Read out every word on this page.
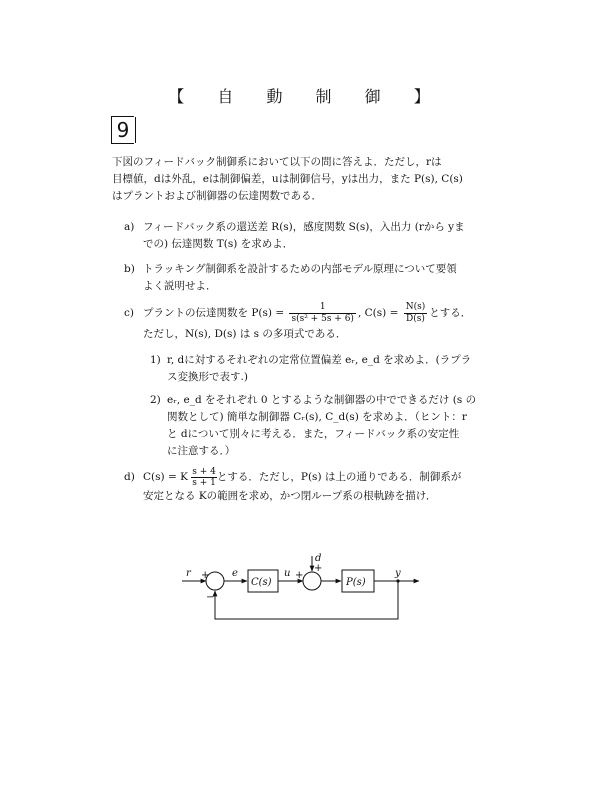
【 自 動 制 御 】
9
下図のフィードバック制御系において以下の問に答えよ．ただし，rは
目標値，dは外乱，eは制御偏差，uは制御信号，yは出力，また P(s), C(s)
はプラントおよび制御器の伝達関数である．
a) フィードバック系の還送差 R(s)，感度関数 S(s)，入出力 (rから yま
での) 伝達関数 T(s) を求めよ．
b) トラッキング制御系を設計するための内部モデル原理について要領
よく説明せよ．
c) プラントの伝達関数を $P(s) = \frac{1}{\text{s(s² + 5s + 6)}}$ , $C(s) = \frac{N(s)}{D(s)}$ とする．
ただし，N(s), D(s) は s の多項式である．
1) r, dに対するそれぞれの定常位置偏差 eᵣ, e_d を求めよ．(ラプラ
ス変換形で表す.)
2) eᵣ, e_d をそれぞれ 0 とするような制御器の中でできるだけ (s の
関数として) 簡単な制御器 Cᵣ(s), C_d(s) を求めよ．（ヒント：r
と dについて別々に考える．また，フィードバック系の安定性
に注意する．）
d) C(s) = K $\frac{s + 4}{s + 1}$ とする．ただし，P(s) は上の通りである．制御系が
安定となる Kの範囲を求め，かつ閉ループ系の根軌跡を描け．
r +
−
e
C(s)
u +
d
+
P(s)
y
